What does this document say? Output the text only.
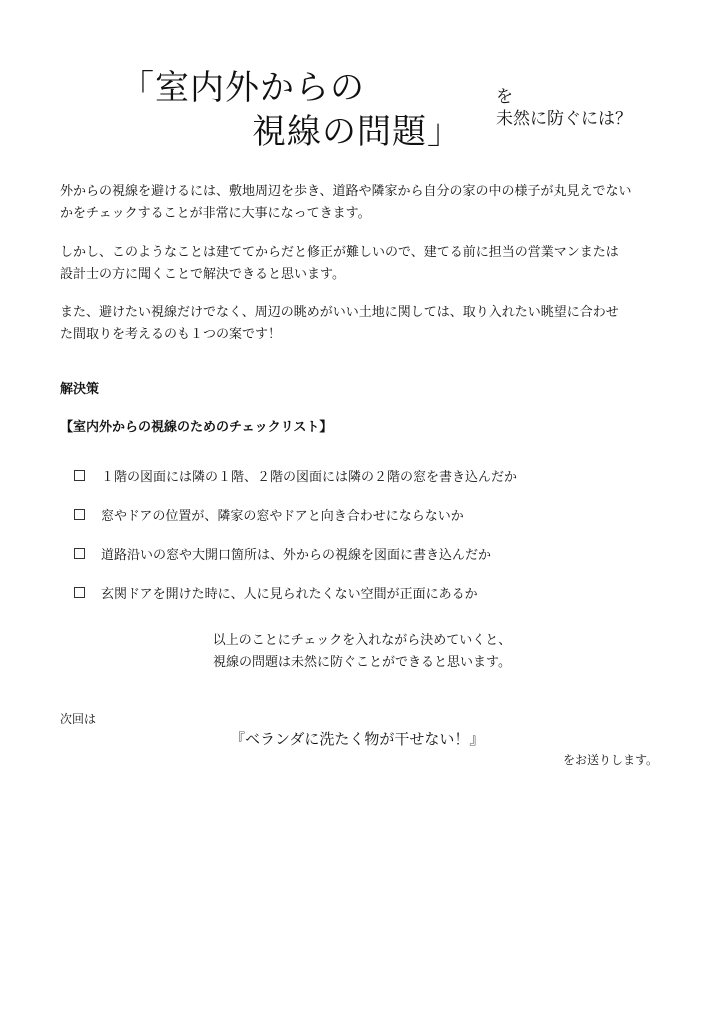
「室内外からの
視線の問題」
を
未然に防ぐには？

外からの視線を避けるには、敷地周辺を歩き、道路や隣家から自分の家の中の様子が丸見えでない

かをチェックすることが非常に大事になってきます。

しかし、このようなことは建ててからだと修正が難しいので、建てる前に担当の営業マンまたは

設計士の方に聞くことで解決できると思います。

また、避けたい視線だけでなく、周辺の眺めがいい土地に関しては、取り入れたい眺望に合わせ

た間取りを考えるのも１つの案です！

解決策
【室内外からの視線のためのチェックリスト】
１階の図面には隣の１階、２階の図面には隣の２階の窓を書き込んだか
窓やドアの位置が、隣家の窓やドアと向き合わせにならないか
道路沿いの窓や大開口箇所は、外からの視線を図面に書き込んだか
玄関ドアを開けた時に、人に見られたくない空間が正面にあるか

以上のことにチェックを入れながら決めていくと、

視線の問題は未然に防ぐことができると思います。

次回は
『ベランダに洗たく物が干せない！』
をお送りします。
